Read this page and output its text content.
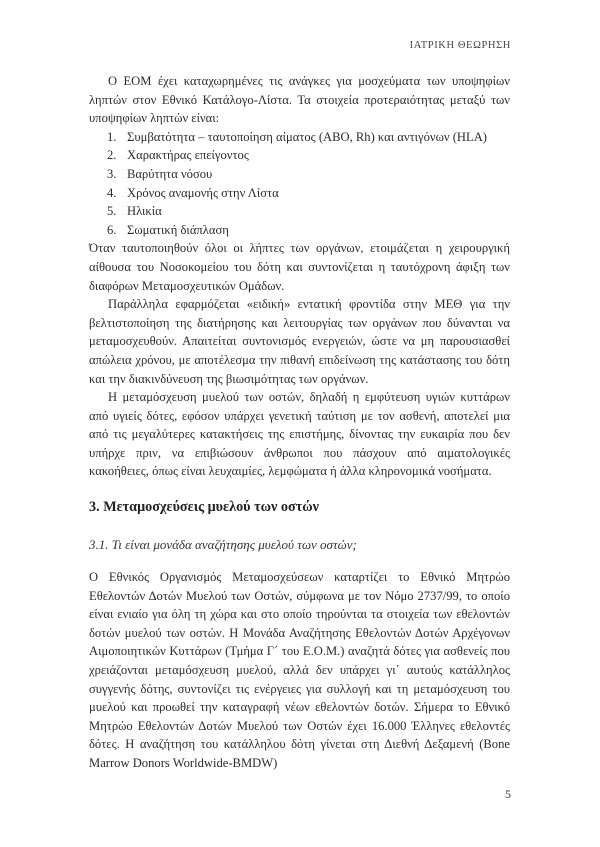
ΙΑΤΡΙΚΗ ΘΕΩΡΗΣΗ

Ο ΕΟΜ έχει καταχωρημένες τις ανάγκες για μοσχεύματα των υποψηφίων ληπτών στον Εθνικό Κατάλογο-Λίστα. Τα στοιχεία προτεραιότητας μεταξύ των υποψηφίων ληπτών είναι:

1. Συμβατότητα – ταυτοποίηση αίματος (ABO, Rh) και αντιγόνων (HLA)
2. Χαρακτήρας επείγοντος
3. Βαρύτητα νόσου
4. Χρόνος αναμονής στην Λίστα
5. Ηλικία
6. Σωματική διάπλαση

Όταν ταυτοποιηθούν όλοι οι λήπτες των οργάνων, ετοιμάζεται η χειρουργική αίθουσα του Νοσοκομείου του δότη και συντονίζεται η ταυτόχρονη άφιξη των διαφόρων Μεταμοσχευτικών Ομάδων.

Παράλληλα εφαρμόζεται «ειδική» εντατική φροντίδα στην ΜΕΘ για την βελτιστοποίηση της διατήρησης και λειτουργίας των οργάνων που δύνανται να μεταμοσχευθούν. Απαιτείται συντονισμός ενεργειών, ώστε να μη παρουσιασθεί απώλεια χρόνου, με αποτέλεσμα την πιθανή επιδείνωση της κατάστασης του δότη και την διακινδύνευση της βιωσιμότητας των οργάνων.

Η μεταμόσχευση μυελού των οστών, δηλαδή η εμφύτευση υγιών κυττάρων από υγιείς δότες, εφόσον υπάρχει γενετική ταύτιση με τον ασθενή, αποτελεί μια από τις μεγαλύτερες κατακτήσεις της επιστήμης, δίνοντας την ευκαιρία που δεν υπήρχε πριν, να επιβιώσουν άνθρωποι που πάσχουν από αιματολογικές κακοήθειες, όπως είναι λευχαιμίες, λεμφώματα ή άλλα κληρονομικά νοσήματα.

3. Μεταμοσχεύσεις μυελού των οστών
3.1. Τι είναι μονάδα αναζήτησης μυελού των οστών;

Ο Εθνικός Οργανισμός Μεταμοσχεύσεων καταρτίζει το Εθνικό Μητρώο Εθελοντών Δοτών Μυελού των Οστών, σύμφωνα με τον Νόμο 2737/99, το οποίο είναι ενιαίο για όλη τη χώρα και στο οποίο τηρούνται τα στοιχεία των εθελοντών δοτών μυελού των οστών. Η Μονάδα Αναζήτησης Εθελοντών Δοτών Αρχέγονων Αιμοποιητικών Κυττάρων (Τμήμα Γ΄ του Ε.Ο.Μ.) αναζητά δότες για ασθενείς που χρειάζονται μεταμόσχευση μυελού, αλλά δεν υπάρχει γι΄ αυτούς κατάλληλος συγγενής δότης, συντονίζει τις ενέργειες για συλλογή και τη μεταμόσχευση του μυελού και προωθεί την καταγραφή νέων εθελοντών δοτών. Σήμερα το Εθνικό Μητρώο Εθελοντών Δοτών Μυελού των Οστών έχει 16.000 Έλληνες εθελοντές δότες. Η αναζήτηση του κατάλληλου δότη γίνεται στη Διεθνή Δεξαμενή (Bone Marrow Donors Worldwide-BMDW)

5
